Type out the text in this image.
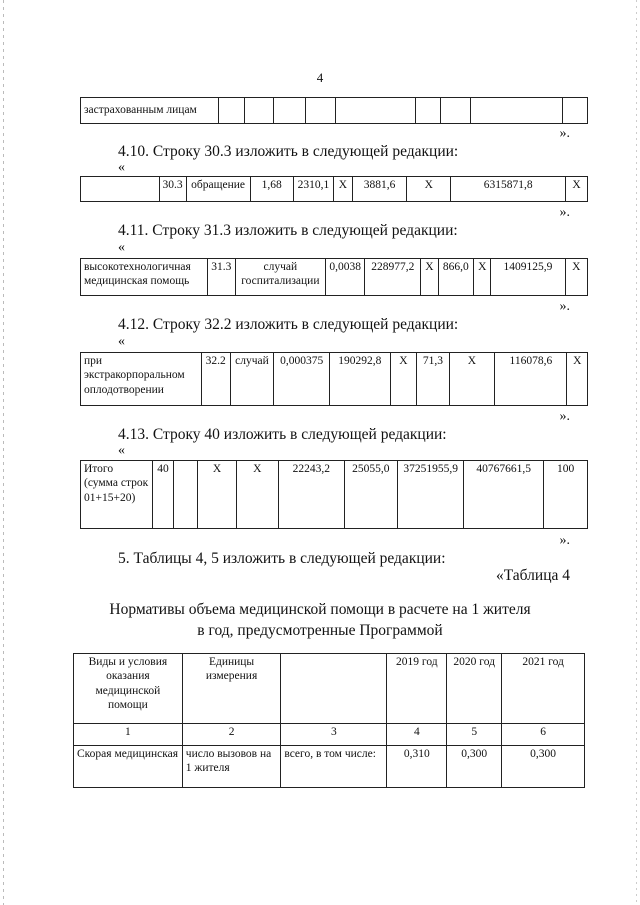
4
застрахованным лицам									
».
4.10. Строку 30.3 изложить в следующей редакции:
«
	30.3	обращение	1,68	2310,1	X	3881,6	X	6315871,8	X
».
4.11. Строку 31.3 изложить в следующей редакции:
«
высокотехнологичная медицинская помощь	31.3	случай госпитализации	0,0038	228977,2	X	866,0	X	1409125,9	X
».
4.12. Строку 32.2 изложить в следующей редакции:
«
при экстракорпоральном оплодотворении	32.2	случай	0,000375	190292,8	X	71,3	X	116078,6	X
».
4.13. Строку 40 изложить в следующей редакции:
«
Итого (сумма строк 01+15+20)	40		X	X	22243,2	25055,0	37251955,9	40767661,5	100
».
5. Таблицы 4, 5 изложить в следующей редакции:
«Таблица 4
Нормативы объема медицинской помощи в расчете на 1 жителя
в год, предусмотренные Программой
Виды и условия оказания медицинской помощи	Единицы измерения		2019 год	2020 год	2021 год
1	2	3	4	5	6
Скорая медицинская	число вызовов на 1 жителя	всего, в том числе:	0,310	0,300	0,300
